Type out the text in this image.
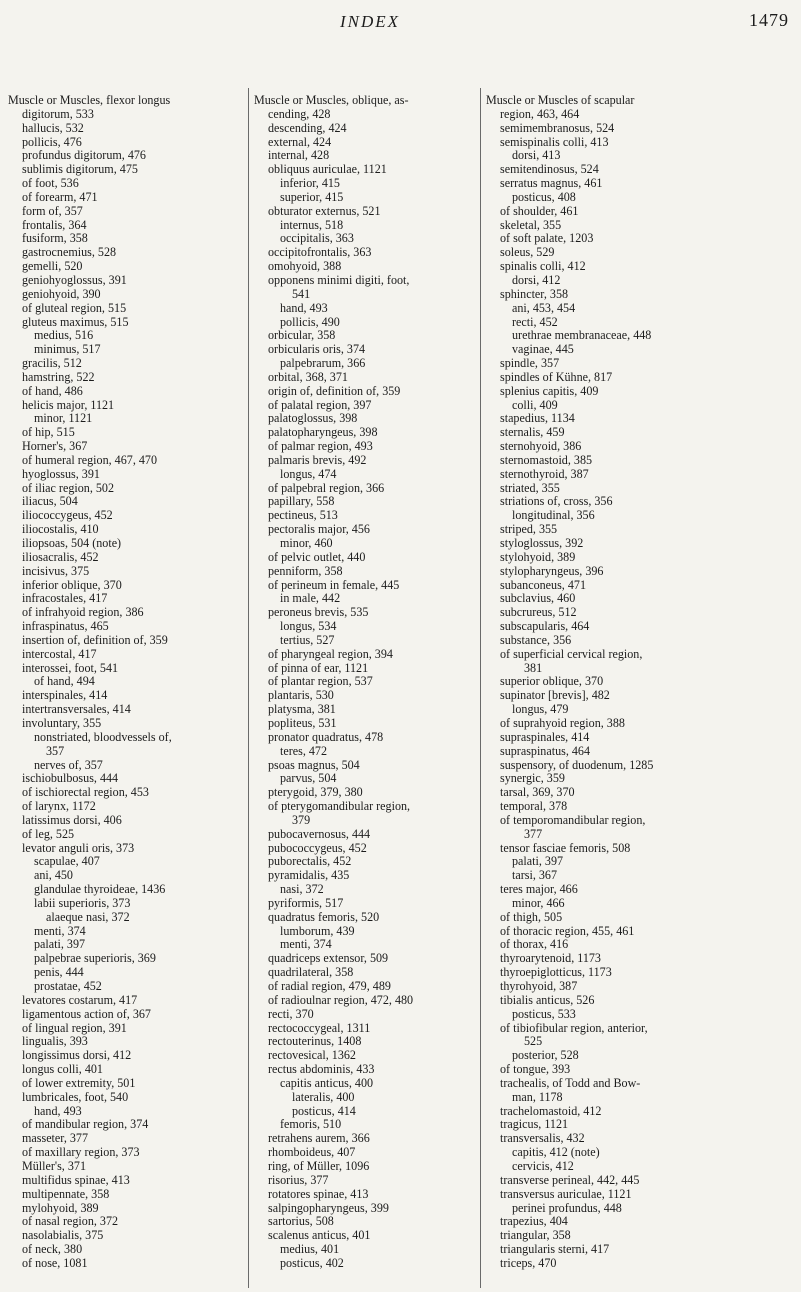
INDEX	1479
Muscle or Muscles, flexor longus
digitorum, 533
hallucis, 532
pollicis, 476
profundus digitorum, 476
sublimis digitorum, 475
of foot, 536
of forearm, 471
form of, 357
frontalis, 364
fusiform, 358
gastrocnemius, 528
gemelli, 520
geniohyoglossus, 391
geniohyoid, 390
of gluteal region, 515
gluteus maximus, 515
medius, 516
minimus, 517
gracilis, 512
hamstring, 522
of hand, 486
helicis major, 1121
minor, 1121
of hip, 515
Horner's, 367
of humeral region, 467, 470
hyoglossus, 391
of iliac region, 502
iliacus, 504
iliococcygeus, 452
iliocostalis, 410
iliopsoas, 504 (note)
iliosacralis, 452
incisivus, 375
inferior oblique, 370
infracostales, 417
of infrahyoid region, 386
infraspinatus, 465
insertion of, definition of, 359
intercostal, 417
interossei, foot, 541
of hand, 494
interspinales, 414
intertransversales, 414
involuntary, 355
nonstriated, bloodvessels of,
357
nerves of, 357
ischiobulbosus, 444
of ischiorectal region, 453
of larynx, 1172
latissimus dorsi, 406
of leg, 525
levator anguli oris, 373
scapulae, 407
ani, 450
glandulae thyroideae, 1436
labii superioris, 373
alaeque nasi, 372
menti, 374
palati, 397
palpebrae superioris, 369
penis, 444
prostatae, 452
levatores costarum, 417
ligamentous action of, 367
of lingual region, 391
lingualis, 393
longissimus dorsi, 412
longus colli, 401
of lower extremity, 501
lumbricales, foot, 540
hand, 493
of mandibular region, 374
masseter, 377
of maxillary region, 373
Müller's, 371
multifidus spinae, 413
multipennate, 358
mylohyoid, 389
of nasal region, 372
nasolabialis, 375
of neck, 380
of nose, 1081
Muscle or Muscles, oblique, as-
cending, 428
descending, 424
external, 424
internal, 428
obliquus auriculae, 1121
inferior, 415
superior, 415
obturator externus, 521
internus, 518
occipitalis, 363
occipitofrontalis, 363
omohyoid, 388
opponens minimi digiti, foot,
541
hand, 493
pollicis, 490
orbicular, 358
orbicularis oris, 374
palpebrarum, 366
orbital, 368, 371
origin of, definition of, 359
of palatal region, 397
palatoglossus, 398
palatopharyngeus, 398
of palmar region, 493
palmaris brevis, 492
longus, 474
of palpebral region, 366
papillary, 558
pectineus, 513
pectoralis major, 456
minor, 460
of pelvic outlet, 440
penniform, 358
of perineum in female, 445
in male, 442
peroneus brevis, 535
longus, 534
tertius, 527
of pharyngeal region, 394
of pinna of ear, 1121
of plantar region, 537
plantaris, 530
platysma, 381
popliteus, 531
pronator quadratus, 478
teres, 472
psoas magnus, 504
parvus, 504
pterygoid, 379, 380
of pterygomandibular region,
379
pubocavernosus, 444
pubococcygeus, 452
puborectalis, 452
pyramidalis, 435
nasi, 372
pyriformis, 517
quadratus femoris, 520
lumborum, 439
menti, 374
quadriceps extensor, 509
quadrilateral, 358
of radial region, 479, 489
of radioulnar region, 472, 480
recti, 370
rectococcygeal, 1311
rectouterinus, 1408
rectovesical, 1362
rectus abdominis, 433
capitis anticus, 400
lateralis, 400
posticus, 414
femoris, 510
retrahens aurem, 366
rhomboideus, 407
ring, of Müller, 1096
risorius, 377
rotatores spinae, 413
salpingopharyngeus, 399
sartorius, 508
scalenus anticus, 401
medius, 401
posticus, 402
Muscle or Muscles of scapular
region, 463, 464
semimembranosus, 524
semispinalis colli, 413
dorsi, 413
semitendinosus, 524
serratus magnus, 461
posticus, 408
of shoulder, 461
skeletal, 355
of soft palate, 1203
soleus, 529
spinalis colli, 412
dorsi, 412
sphincter, 358
ani, 453, 454
recti, 452
urethrae membranaceae, 448
vaginae, 445
spindle, 357
spindles of Kühne, 817
splenius capitis, 409
colli, 409
stapedius, 1134
sternalis, 459
sternohyoid, 386
sternomastoid, 385
sternothyroid, 387
striated, 355
striations of, cross, 356
longitudinal, 356
striped, 355
styloglossus, 392
stylohyoid, 389
stylopharyngeus, 396
subanconeus, 471
subclavius, 460
subcrureus, 512
subscapularis, 464
substance, 356
of superficial cervical region,
381
superior oblique, 370
supinator [brevis], 482
longus, 479
of suprahyoid region, 388
supraspinales, 414
supraspinatus, 464
suspensory, of duodenum, 1285
synergic, 359
tarsal, 369, 370
temporal, 378
of temporomandibular region,
377
tensor fasciae femoris, 508
palati, 397
tarsi, 367
teres major, 466
minor, 466
of thigh, 505
of thoracic region, 455, 461
of thorax, 416
thyroarytenoid, 1173
thyroepiglotticus, 1173
thyrohyoid, 387
tibialis anticus, 526
posticus, 533
of tibiofibular region, anterior,
525
posterior, 528
of tongue, 393
trachealis, of Todd and Bow-
man, 1178
trachelomastoid, 412
tragicus, 1121
transversalis, 432
capitis, 412 (note)
cervicis, 412
transverse perineal, 442, 445
transversus auriculae, 1121
perinei profundus, 448
trapezius, 404
triangular, 358
triangularis sterni, 417
triceps, 470
